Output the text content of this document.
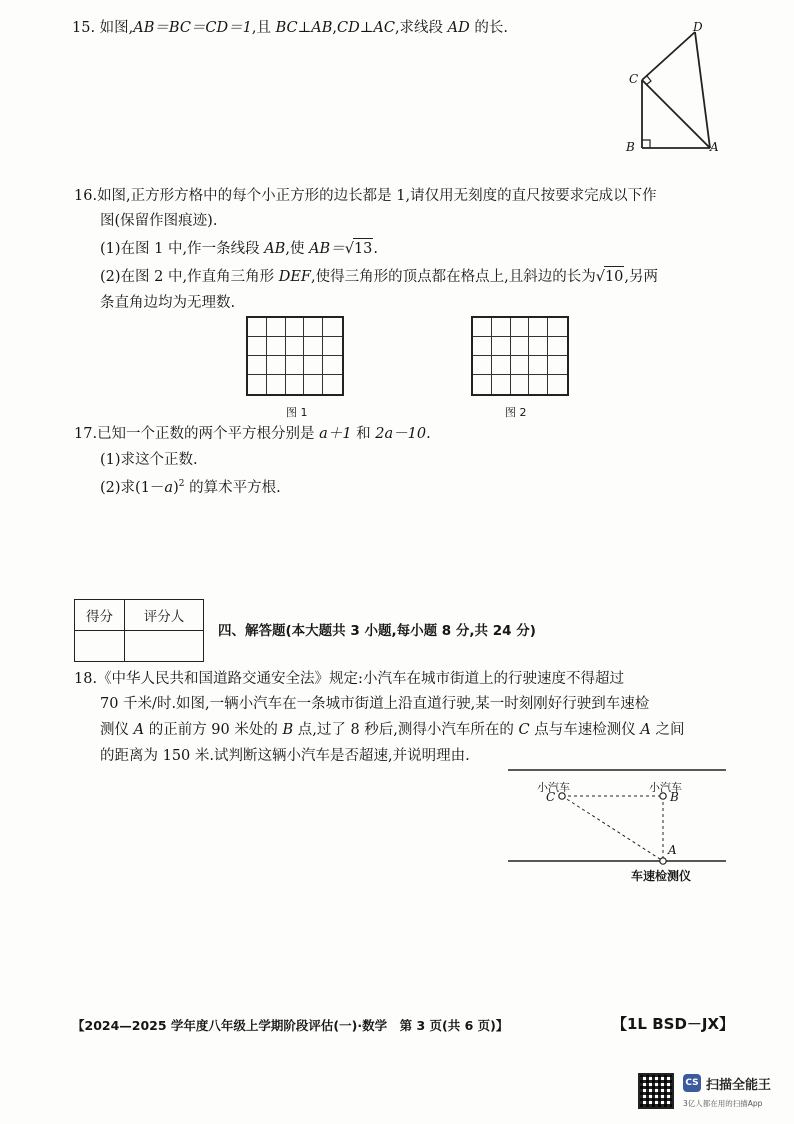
15. 如图,AB＝BC＝CD＝1,且 BC⊥AB,CD⊥AC,求线段 AD 的长.
B	A
C
D
16.如图,正方形方格中的每个小正方形的边长都是 1,请仅用无刻度的直尺按要求完成以下作
图(保留作图痕迹).
(1)在图 1 中,作一条线段 AB,使 AB＝√13.
(2)在图 2 中,作直角三角形 DEF,使得三角形的顶点都在格点上,且斜边的长为√10,另两
条直角边均为无理数.
图 1	图 2
17.已知一个正数的两个平方根分别是 a＋1 和 2a－10.
(1)求这个正数.
(2)求$(1-a)^2$ 的算术平方根.
得分	评分人

四、解答题(本大题共 3 小题,每小题 8 分,共 24 分)
18.《中华人民共和国道路交通安全法》规定:小汽车在城市街道上的行驶速度不得超过
70 千米/时.如图,一辆小汽车在一条城市街道上沿直道行驶,某一时刻刚好行驶到车速检
测仪 A 的正前方 90 米处的 B 点,过了 8 秒后,测得小汽车所在的 C 点与车速检测仪 A 之间
的距离为 150 米.试判断这辆小汽车是否超速,并说明理由.
小汽车	小汽车
C	B
A
车速检测仪
【2024—2025 学年度八年级上学期阶段评估(一)·数学　第 3 页(共 6 页)】	【1L BSD－JX】
CS 扫描全能王
3亿人都在用的扫描App
